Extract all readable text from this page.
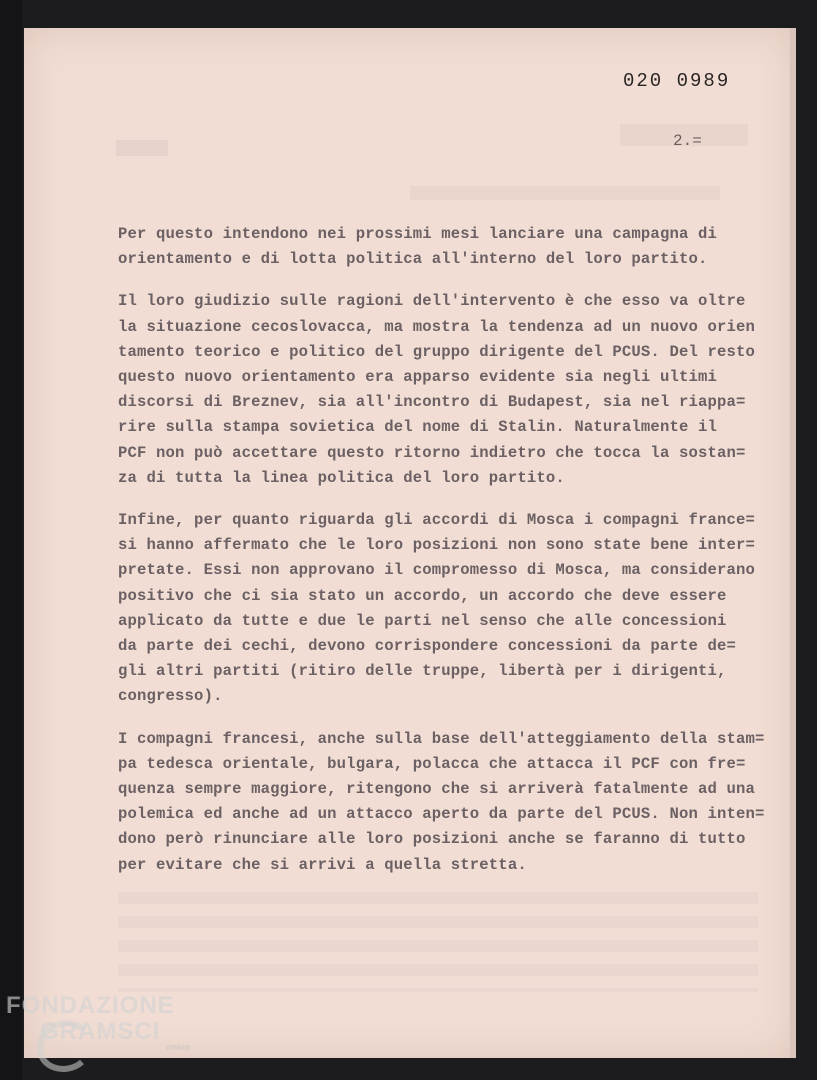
020 0989
2.=
Per questo intendono nei prossimi mesi lanciare una campagna di
orientamento e di lotta politica all'interno del loro partito.
Il loro giudizio sulle ragioni dell'intervento è che esso va oltre
la situazione cecoslovacca, ma mostra la tendenza ad un nuovo orien
tamento teorico e politico del gruppo dirigente del PCUS. Del resto
questo nuovo orientamento era apparso evidente sia negli ultimi
discorsi di Breznev, sia all'incontro di Budapest, sia nel riappa=
rire sulla stampa sovietica del nome di Stalin. Naturalmente il
PCF non può accettare questo ritorno indietro che tocca la sostan=
za di tutta la linea politica del loro partito.
Infine, per quanto riguarda gli accordi di Mosca i compagni france=
si hanno affermato che le loro posizioni non sono state bene inter=
pretate. Essi non approvano il compromesso di Mosca, ma considerano
positivo che ci sia stato un accordo, un accordo che deve essere
applicato da tutte e due le parti nel senso che alle concessioni
da parte dei cechi, devono corrispondere concessioni da parte de=
gli altri partiti (ritiro delle truppe, libertà per i dirigenti,
congresso).
I compagni francesi, anche sulla base dell'atteggiamento della stam=
pa tedesca orientale, bulgara, polacca che attacca il PCF con fre=
quenza sempre maggiore, ritengono che si arriverà fatalmente ad una
polemica ed anche ad un attacco aperto da parte del PCUS. Non inten=
dono però rinunciare alle loro posizioni anche se faranno di tutto
per evitare che si arrivi a quella stretta.
FONDAZIONE
GRAMSCI
onlus
